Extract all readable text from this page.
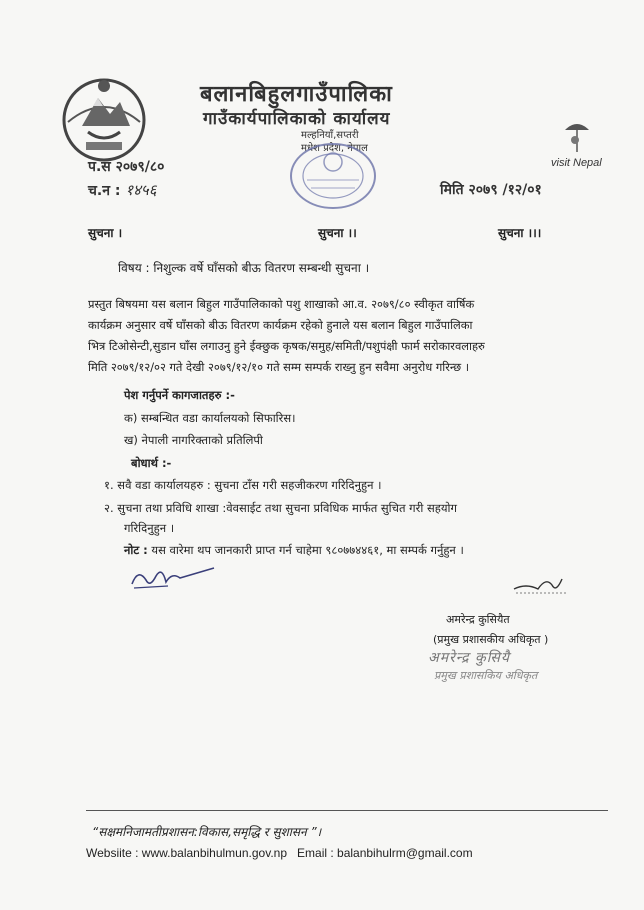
बलानबिहुलगाउँपालिका
गाउँकार्यपालिकाको कार्यालय
मल्हनियाँ,सप्तरी
मधेश प्रदेश, नेपाल
visit Nepal
प.स २०७९/८०
च.न : १४५६	मिति २०७९ /१२/०१
सुचना ।	सुचना ।।	सुचना ।।।
विषय : निशुल्क वर्षे घाँसको बीऊ वितरण सम्बन्धी सुचना ।
प्रस्तुत बिषयमा यस बलान बिहुल गाउँपालिकाको पशु शाखाको आ.व. २०७९/८० स्वीकृत वार्षिक
कार्यक्रम अनुसार वर्षे घाँसको बीऊ वितरण कार्यक्रम रहेको हुनाले यस बलान बिहुल गाउँपालिका
भित्र टिओसेन्टी,सुडान घाँस लगाउनु हुने ईक्छुक कृषक/समुह/समिती/पशुपंक्षी फार्म सरोकारवलाहरु
मिति २०७९/१२/०२ गते देखी २०७९/१२/१० गते सम्म सम्पर्क राख्नु हुन सवैमा अनुरोध गरिन्छ ।
पेश गर्नुपर्ने कागजातहरु :-
क) सम्बन्धित वडा कार्यालयको सिफारिस।
ख) नेपाली नागरिक्ताको प्रतिलिपी
बोधार्थ :-
१. सवै वडा कार्यालयहरु : सुचना टाँस गरी सहजीकरण गरिदिनुहुन ।
२. सुचना तथा प्रविधि शाखा :वेवसाईट तथा सुचना प्रविधिक मार्फत सुचित गरी सहयोग
गरिदिनुहुन ।
नोट : यस वारेमा थप जानकारी प्राप्त गर्न चाहेमा ९८०७७४४६१, मा सम्पर्क गर्नुहुन ।
अमरेन्द्र कुसियैत
(प्रमुख प्रशासकीय अधिकृत )
अमरेन्द्र कुसियै
प्रमुख प्रशासकिय अधिकृत
“सक्षमनिजामतीप्रशासन:विकास,समृद्धि र सुशासन ”।
Websiite : www.balanbihulmun.gov.np Email : balanbihulrm@gmail.com
